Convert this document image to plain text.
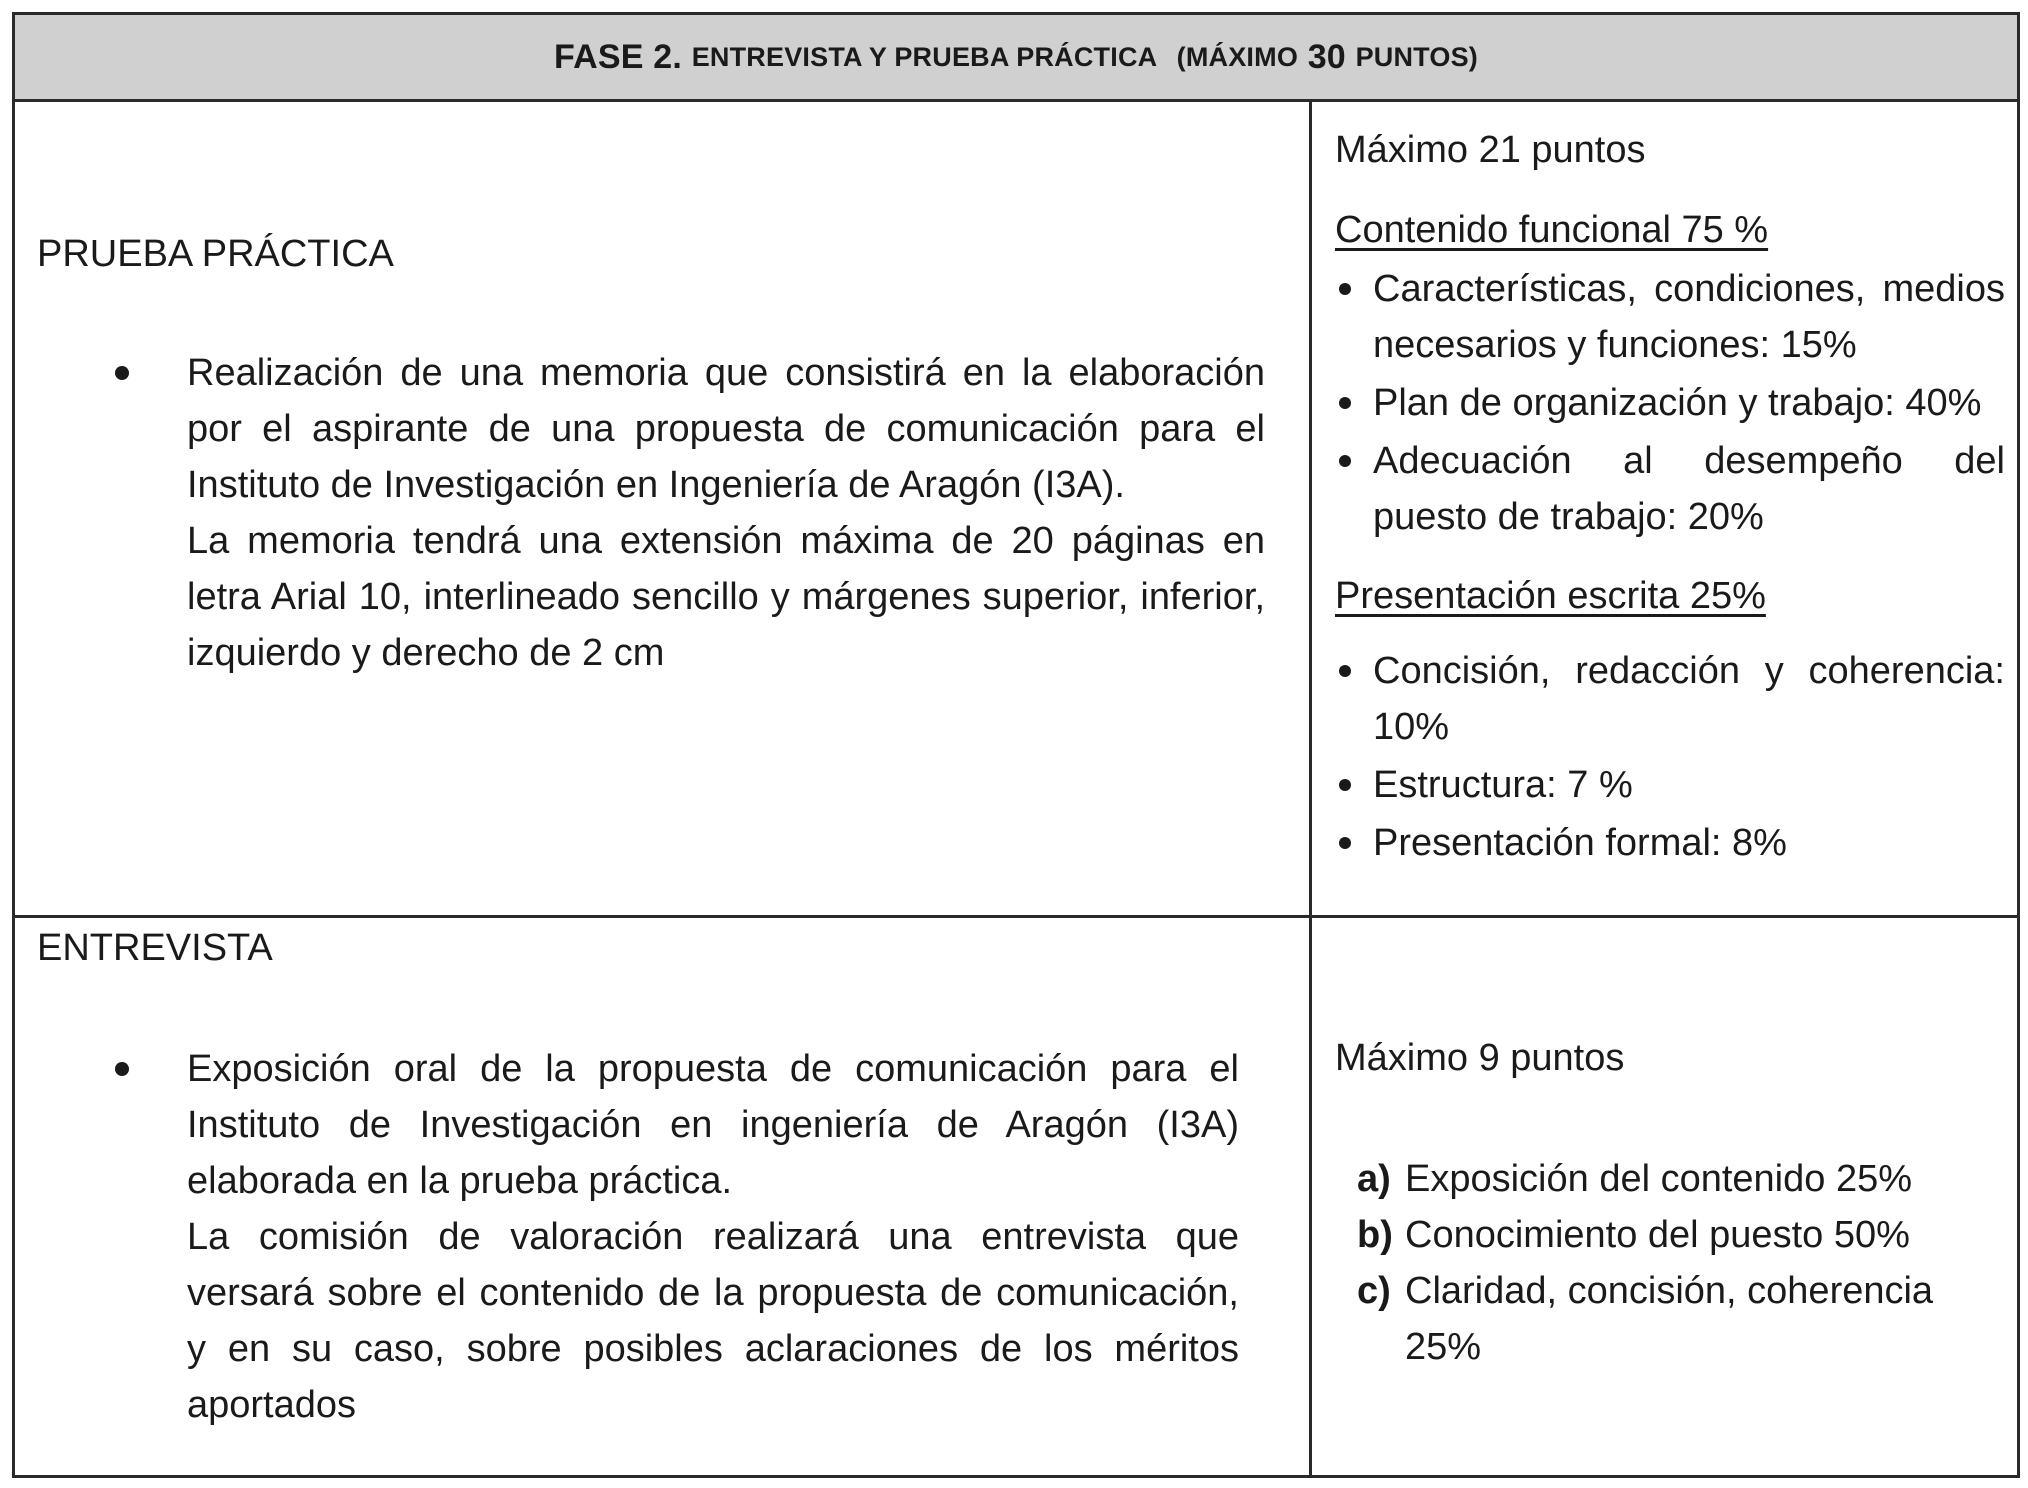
FASE 2.
ENTREVISTA Y PRUEBA PRÁCTICA
(MÁXIMO
30
PUNTOS)
PRUEBA PRÁCTICA

Realización de una memoria que consistirá en la elaboración por el aspirante de una propuesta de comunicación para el Instituto de Investigación en Ingeniería de Aragón (I3A).

La memoria tendrá una extensión máxima de 20 páginas en letra Arial 10, interlineado sencillo y márgenes superior, inferior, izquierdo y derecho de 2 cm

Máximo 21 puntos
Contenido funcional 75 %
Características, condiciones, medios necesarios y funciones: 15%
Plan de organización y trabajo: 40%
Adecuación al desempeño del puesto de trabajo: 20%
Presentación escrita 25%
Concisión, redacción y coherencia: 10%
Estructura: 7 %
Presentación formal: 8%
ENTREVISTA

Exposición oral de la propuesta de comunicación para el Instituto de Investigación en ingeniería de Aragón (I3A) elaborada en la prueba práctica.

La comisión de valoración realizará una entrevista que versará sobre el contenido de la propuesta de comunicación, y en su caso, sobre posibles aclaraciones de los méritos aportados

Máximo 9 puntos
a) Exposición del contenido 25%
b) Conocimiento del puesto 50%
c) Claridad, concisión, coherencia 25%
